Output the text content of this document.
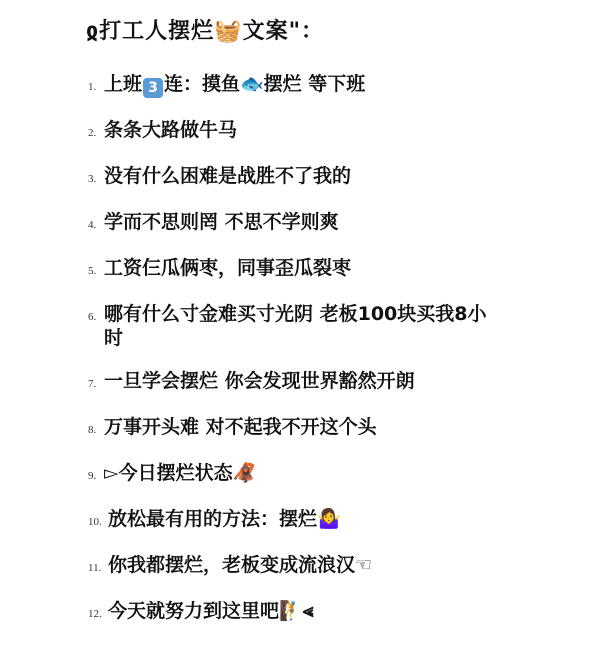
ჲ打工人摆烂🧺文案"：
1. 上班 3 连：摸鱼🐟摆烂 等下班
2. 条条大路做牛马
3. 没有什么困难是战胜不了我的
4. 学而不思则罔 不思不学则爽
5. 工资仨瓜俩枣，同事歪瓜裂枣
6. 哪有什么寸金难买寸光阴 老板100块买我8小时
7. 一旦学会摆烂 你会发现世界豁然开朗
8. 万事开头难 对不起我不开这个头
9. ▻今日摆烂状态🦧
10. 放松最有用的方法：摆烂🤷‍♀️
11. 你我都摆烂，老板变成流浪汉☜
12. 今天就努力到这里吧🧗⪡
